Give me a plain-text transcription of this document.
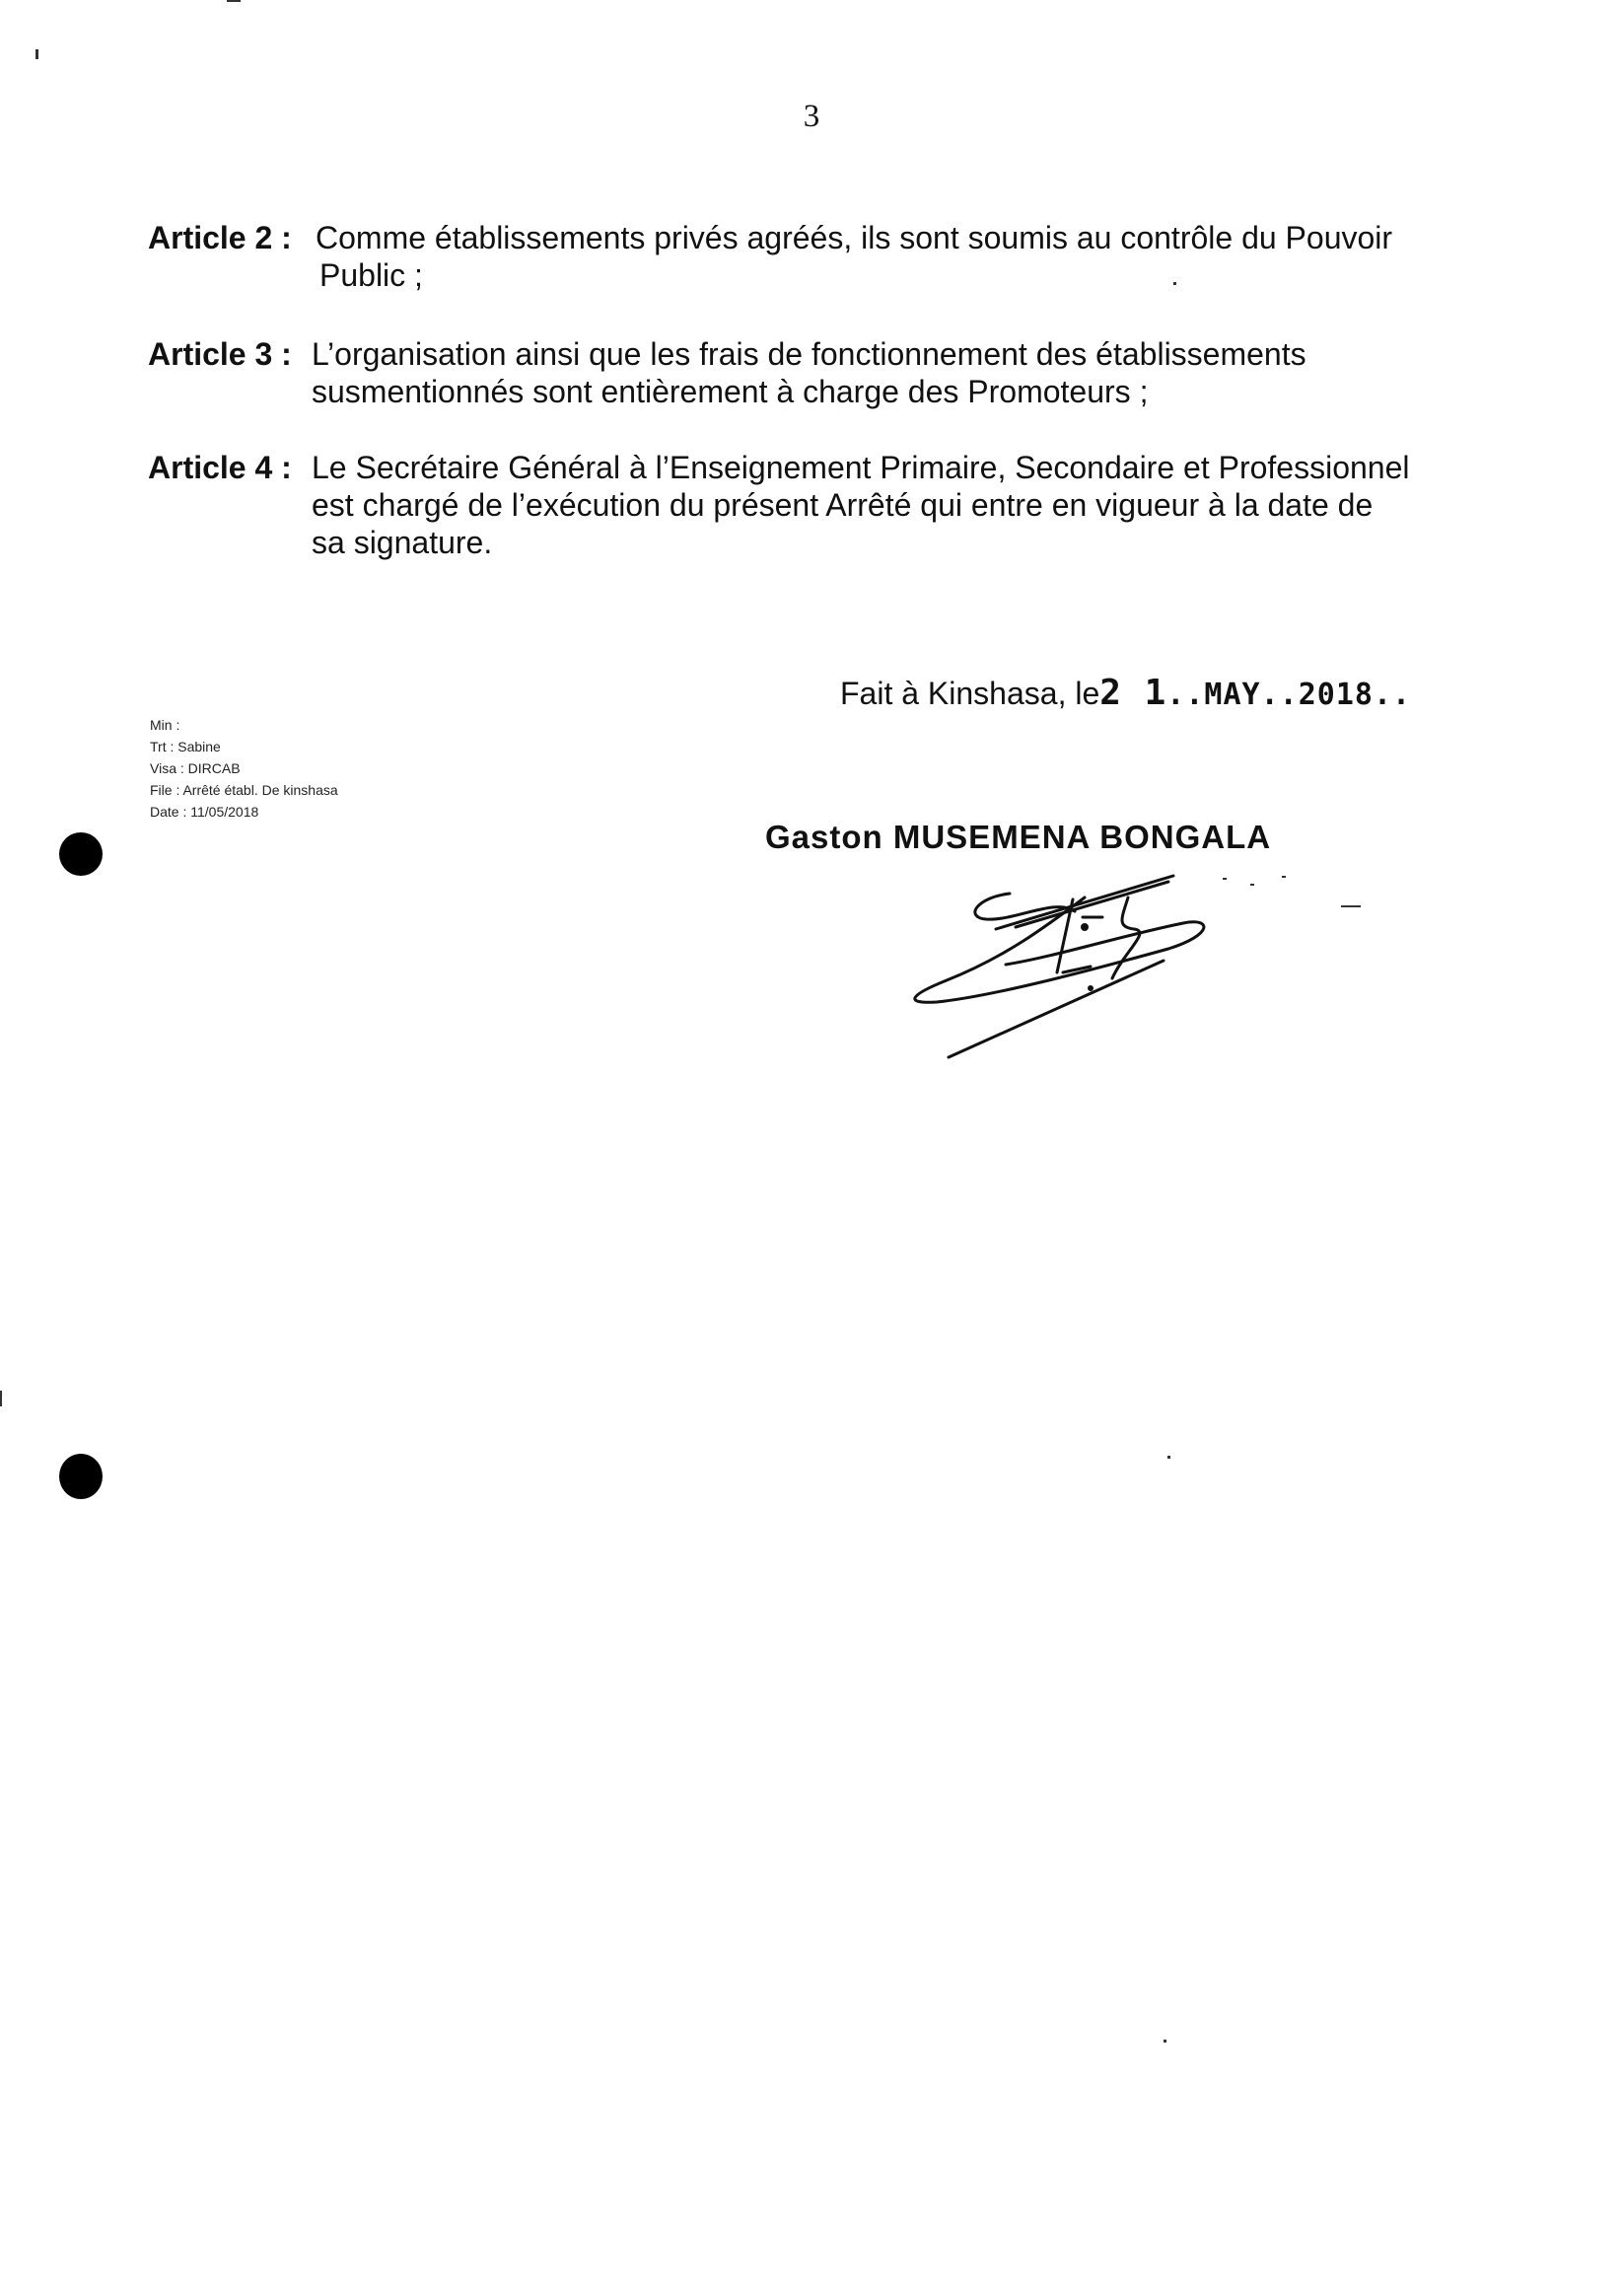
3
Article 2 : Comme établissements privés agréés, ils sont soumis au contrôle du Pouvoir
Public ;
Article 3 : L’organisation ainsi que les frais de fonctionnement des établissements
susmentionnés sont entièrement à charge des Promoteurs ;
Article 4 : Le Secrétaire Général à l’Enseignement Primaire, Secondaire et Professionnel
est chargé de l’exécution du présent Arrêté qui entre en vigueur à la date de
sa signature.
Fait à Kinshasa, le2 1..MAY..2018..
Min :
Trt : Sabine
Visa : DIRCAB
File : Arrêté établ. De kinshasa
Date : 11/05/2018
Gaston MUSEMENA BONGALA
